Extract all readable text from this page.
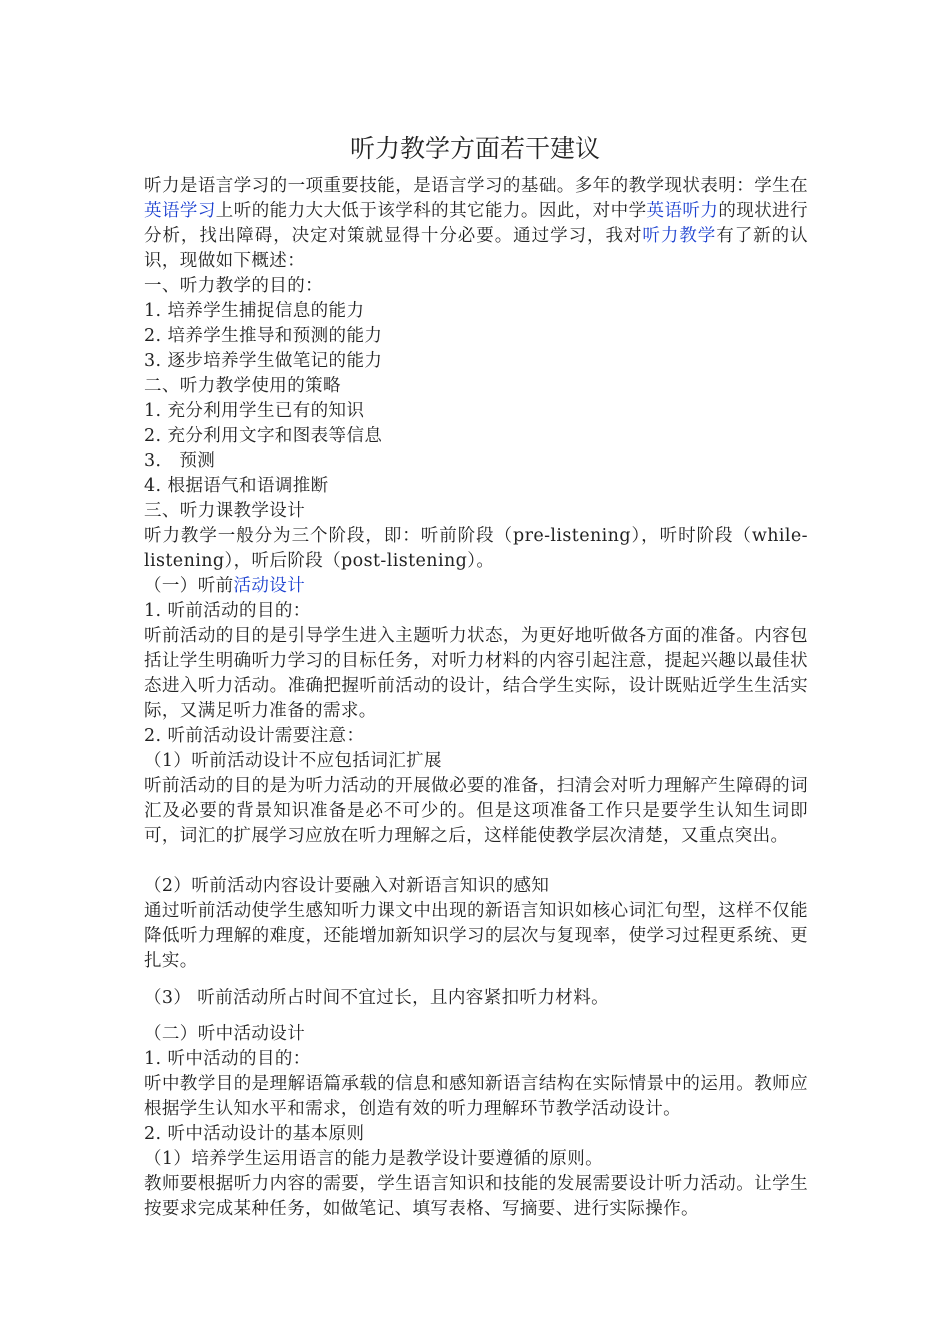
听力教学方面若干建议

听力是语言学习的一项重要技能，是语言学习的基础。多年的教学现状表明：学生在英语学习上听的能力大大低于该学科的其它能力。因此，对中学英语听力的现状进行分析，找出障碍，决定对策就显得十分必要。通过学习，我对听力教学有了新的认识，现做如下概述：

一、听力教学的目的：
1. 培养学生捕捉信息的能力
2. 培养学生推导和预测的能力
3. 逐步培养学生做笔记的能力
二、听力教学使用的策略
1. 充分利用学生已有的知识
2. 充分利用文字和图表等信息
3． 预测
4. 根据语气和语调推断
三、听力课教学设计

听力教学一般分为三个阶段，即：听前阶段（pre-listening），听时阶段（while-listening），听后阶段（post-listening）。

（一）听前活动设计
1. 听前活动的目的：

听前活动的目的是引导学生进入主题听力状态，为更好地听做各方面的准备。内容包括让学生明确听力学习的目标任务，对听力材料的内容引起注意，提起兴趣以最佳状态进入听力活动。准确把握听前活动的设计，结合学生实际，设计既贴近学生生活实际，又满足听力准备的需求。

2. 听前活动设计需要注意：
（1）听前活动设计不应包括词汇扩展

听前活动的目的是为听力活动的开展做必要的准备，扫清会对听力理解产生障碍的词汇及必要的背景知识准备是必不可少的。但是这项准备工作只是要学生认知生词即可，词汇的扩展学习应放在听力理解之后，这样能使教学层次清楚，又重点突出。

（2）听前活动内容设计要融入对新语言知识的感知

通过听前活动使学生感知听力课文中出现的新语言知识如核心词汇句型，这样不仅能降低听力理解的难度，还能增加新知识学习的层次与复现率，使学习过程更系统、更扎实。

（3） 听前活动所占时间不宜过长，且内容紧扣听力材料。
（二）听中活动设计
1. 听中活动的目的：

听中教学目的是理解语篇承载的信息和感知新语言结构在实际情景中的运用。教师应根据学生认知水平和需求，创造有效的听力理解环节教学活动设计。

2. 听中活动设计的基本原则
（1）培养学生运用语言的能力是教学设计要遵循的原则。

教师要根据听力内容的需要，学生语言知识和技能的发展需要设计听力活动。让学生按要求完成某种任务，如做笔记、填写表格、写摘要、进行实际操作。
